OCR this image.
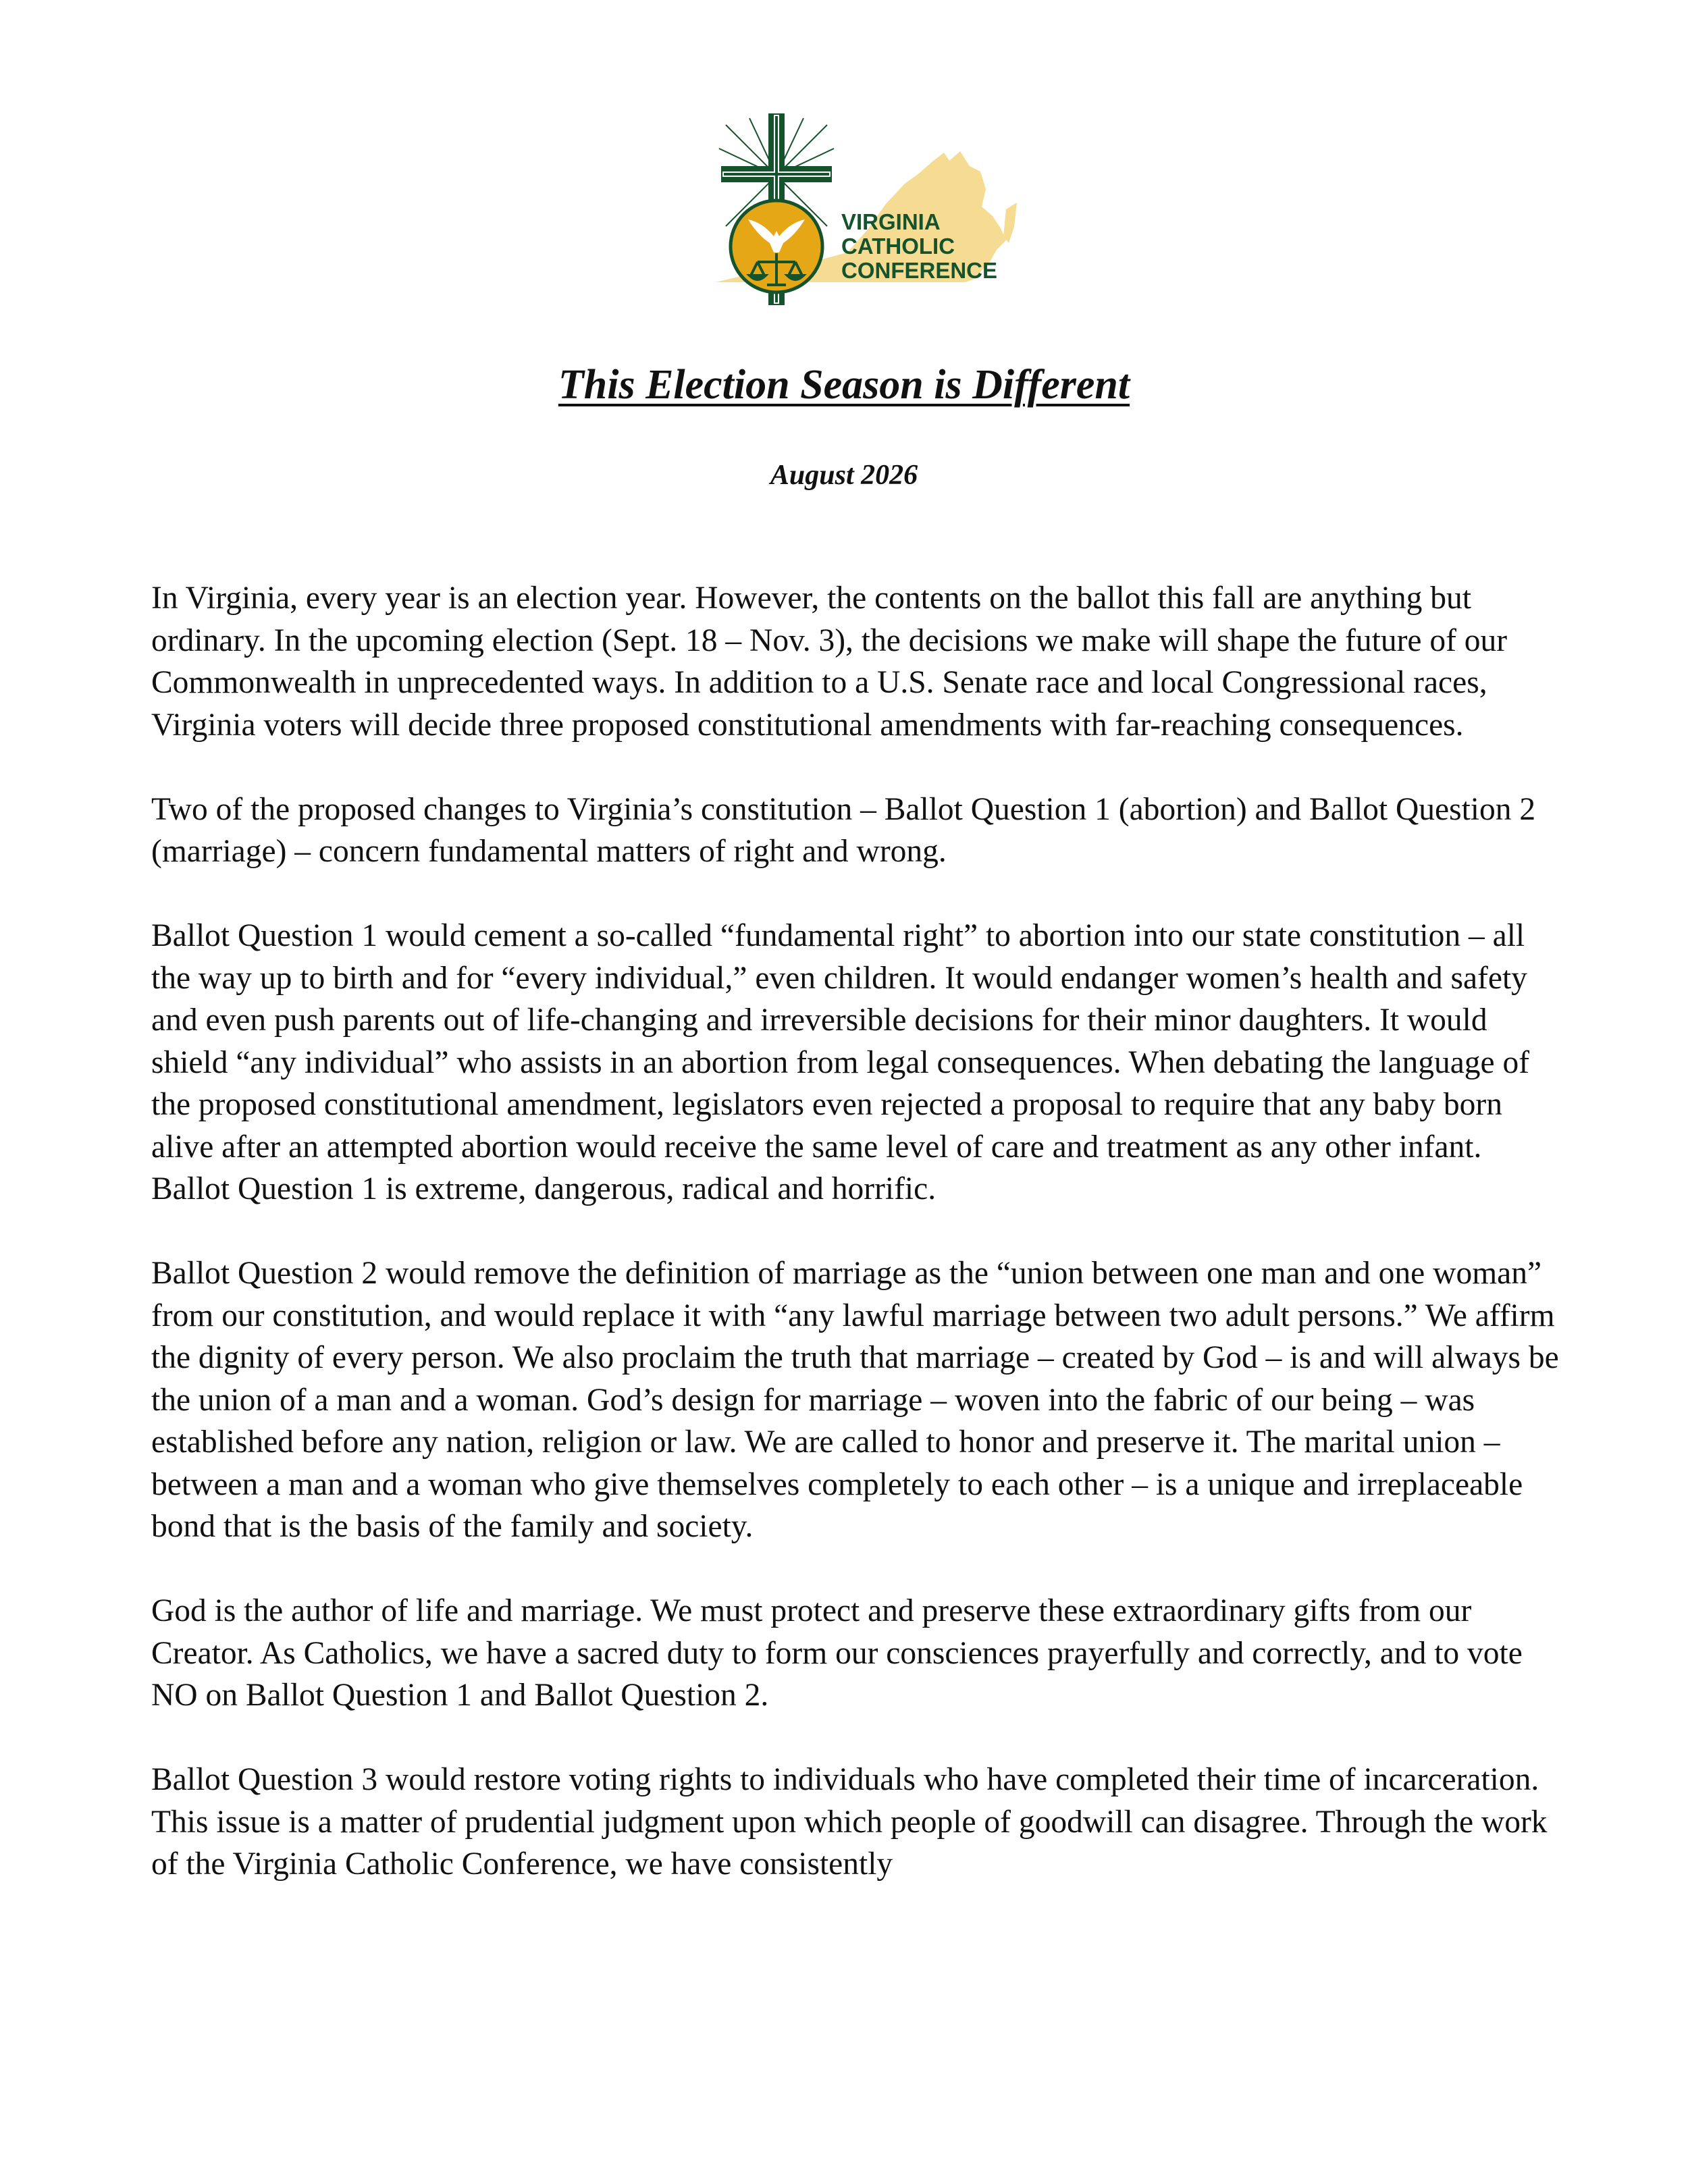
VIRGINIA
CATHOLIC
CONFERENCE
This Election Season is Different
August 2026

In Virginia, every year is an election year. However, the contents on the ballot this fall are anything but ordinary. In the upcoming election (Sept. 18 – Nov. 3), the decisions we make will shape the future of our Commonwealth in unprecedented ways. In addition to a U.S. Senate race and local Congressional races, Virginia voters will decide three proposed constitutional amendments with far-reaching consequences.

Two of the proposed changes to Virginia’s constitution – Ballot Question 1 (abortion) and Ballot Question 2 (marriage) – concern fundamental matters of right and wrong.

Ballot Question 1 would cement a so-called “fundamental right” to abortion into our state constitution – all the way up to birth and for “every individual,” even children. It would endanger women’s health and safety and even push parents out of life-changing and irreversible decisions for their minor daughters. It would shield “any individual” who assists in an abortion from legal consequences. When debating the language of the proposed constitutional amendment, legislators even rejected a proposal to require that any baby born alive after an attempted abortion would receive the same level of care and treatment as any other infant. Ballot Question 1 is extreme, dangerous, radical and horrific.

Ballot Question 2 would remove the definition of marriage as the “union between one man and one woman” from our constitution, and would replace it with “any lawful marriage between two adult persons.” We affirm the dignity of every person. We also proclaim the truth that marriage – created by God – is and will always be the union of a man and a woman. God’s design for marriage – woven into the fabric of our being – was established before any nation, religion or law. We are called to honor and preserve it. The marital union – between a man and a woman who give themselves completely to each other – is a unique and irreplaceable bond that is the basis of the family and society.

God is the author of life and marriage. We must protect and preserve these extraordinary gifts from our Creator. As Catholics, we have a sacred duty to form our consciences prayerfully and correctly, and to vote NO on Ballot Question 1 and Ballot Question 2.

Ballot Question 3 would restore voting rights to individuals who have completed their time of incarceration. This issue is a matter of prudential judgment upon which people of goodwill can disagree. Through the work of the Virginia Catholic Conference, we have consistently
